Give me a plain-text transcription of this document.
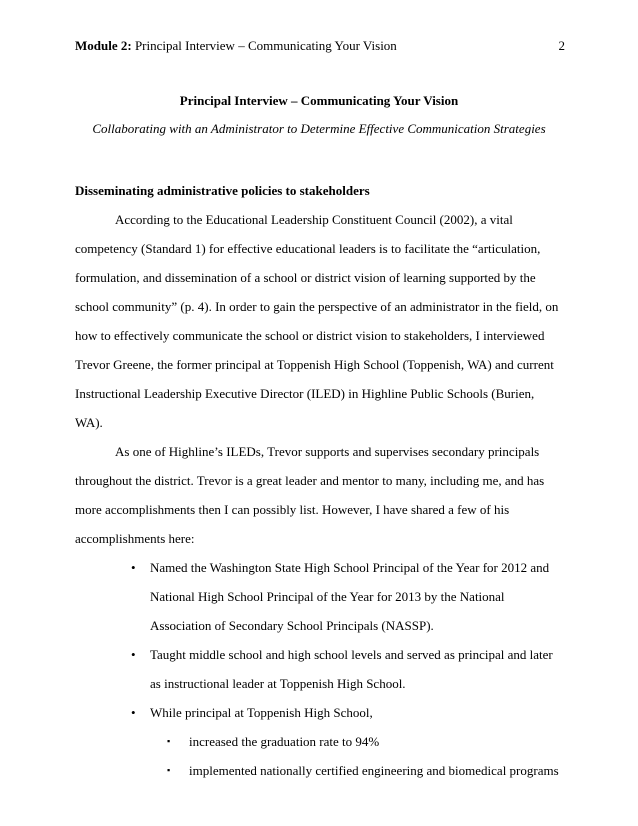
Module 2: Principal Interview – Communicating Your Vision	2
Principal Interview – Communicating Your Vision
Collaborating with an Administrator to Determine Effective Communication Strategies
Disseminating administrative policies to stakeholders

According to the Educational Leadership Constituent Council (2002), a vital competency (Standard 1) for effective educational leaders is to facilitate the “articulation, formulation, and dissemination of a school or district vision of learning supported by the school community” (p. 4). In order to gain the perspective of an administrator in the field, on how to effectively communicate the school or district vision to stakeholders, I interviewed Trevor Greene, the former principal at Toppenish High School (Toppenish, WA) and current Instructional Leadership Executive Director (ILED) in Highline Public Schools (Burien, WA).

As one of Highline’s ILEDs, Trevor supports and supervises secondary principals throughout the district. Trevor is a great leader and mentor to many, including me, and has more accomplishments then I can possibly list. However, I have shared a few of his accomplishments here:

• Named the Washington State High School Principal of the Year for 2012 and National High School Principal of the Year for 2013 by the National Association of Secondary School Principals (NASSP).
• Taught middle school and high school levels and served as principal and later as instructional leader at Toppenish High School.
• While principal at Toppenish High School,
▪ increased the graduation rate to 94%
▪ implemented nationally certified engineering and biomedical programs
